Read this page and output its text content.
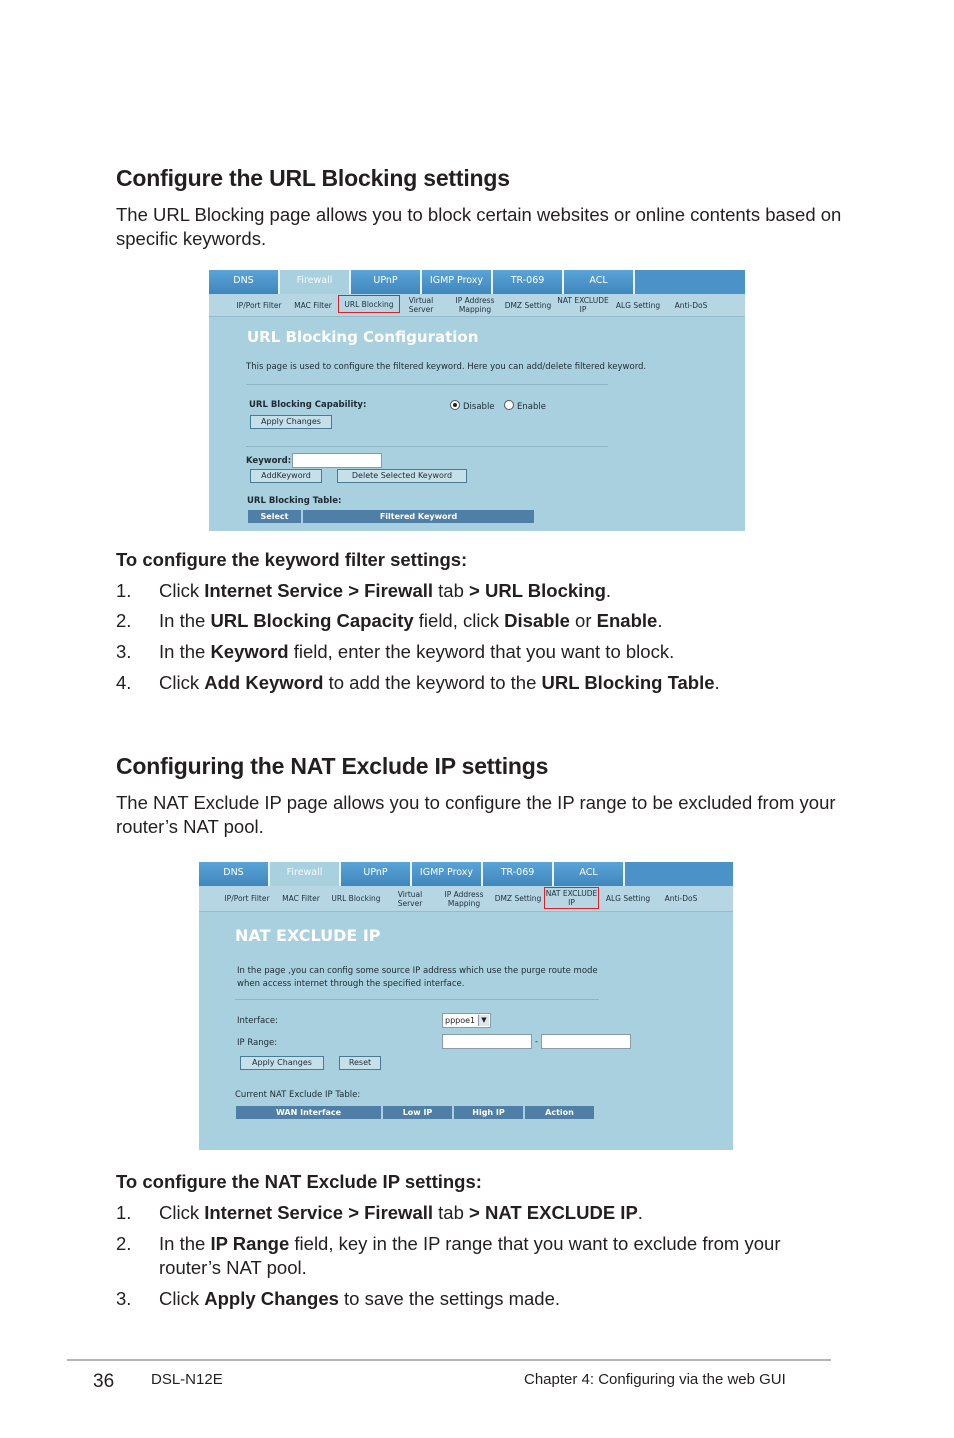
Configure the URL Blocking settings

The URL Blocking page allows you to block certain websites or online contents based on specific keywords.

DNS	Firewall	UPnP	IGMP Proxy	TR-069	ACL
IP/Port Filter	MAC Filter	URL Blocking	Virtual Server
IP Address Mapping	DMZ Setting NAT EXCLUDE IP	ALG Setting	Anti-DoS
URL Blocking Configuration
This page is used to configure the filtered keyword. Here you can add/delete filtered keyword.
URL Blocking Capability:	Disable	Enable
Apply Changes
Keyword:
AddKeyword	Delete Selected Keyword
URL Blocking Table:
Select	Filtered Keyword
To configure the keyword filter settings:
1. Click Internet Service > Firewall tab > URL Blocking.
2. In the URL Blocking Capacity field, click Disable or Enable.
3. In the Keyword field, enter the keyword that you want to block.
4. Click Add Keyword to add the keyword to the URL Blocking Table.
Configuring the NAT Exclude IP settings

The NAT Exclude IP page allows you to configure the IP range to be excluded from your router’s NAT pool.

DNS	Firewall	UPnP	IGMP Proxy	TR-069	ACL
IP/Port Filter	MAC Filter	URL Blocking	Virtual Server
IP Address Mapping	DMZ Setting
NAT EXCLUDE IP	ALG Setting	Anti-DoS
NAT EXCLUDE IP
In the page ,you can config some source IP address which use the purge route mode
when access internet through the specified interface.
Interface:	pppoe1 ▼
IP Range:	-
Apply Changes	Reset
Current NAT Exclude IP Table:
WAN Interface	Low IP	High IP	Action
To configure the NAT Exclude IP settings:
1. Click Internet Service > Firewall tab > NAT EXCLUDE IP.
2. In the IP Range field, key in the IP range that you want to exclude from your router’s NAT pool.
3. Click Apply Changes to save the settings made.
36 DSL-N12E	Chapter 4: Configuring via the web GUI
